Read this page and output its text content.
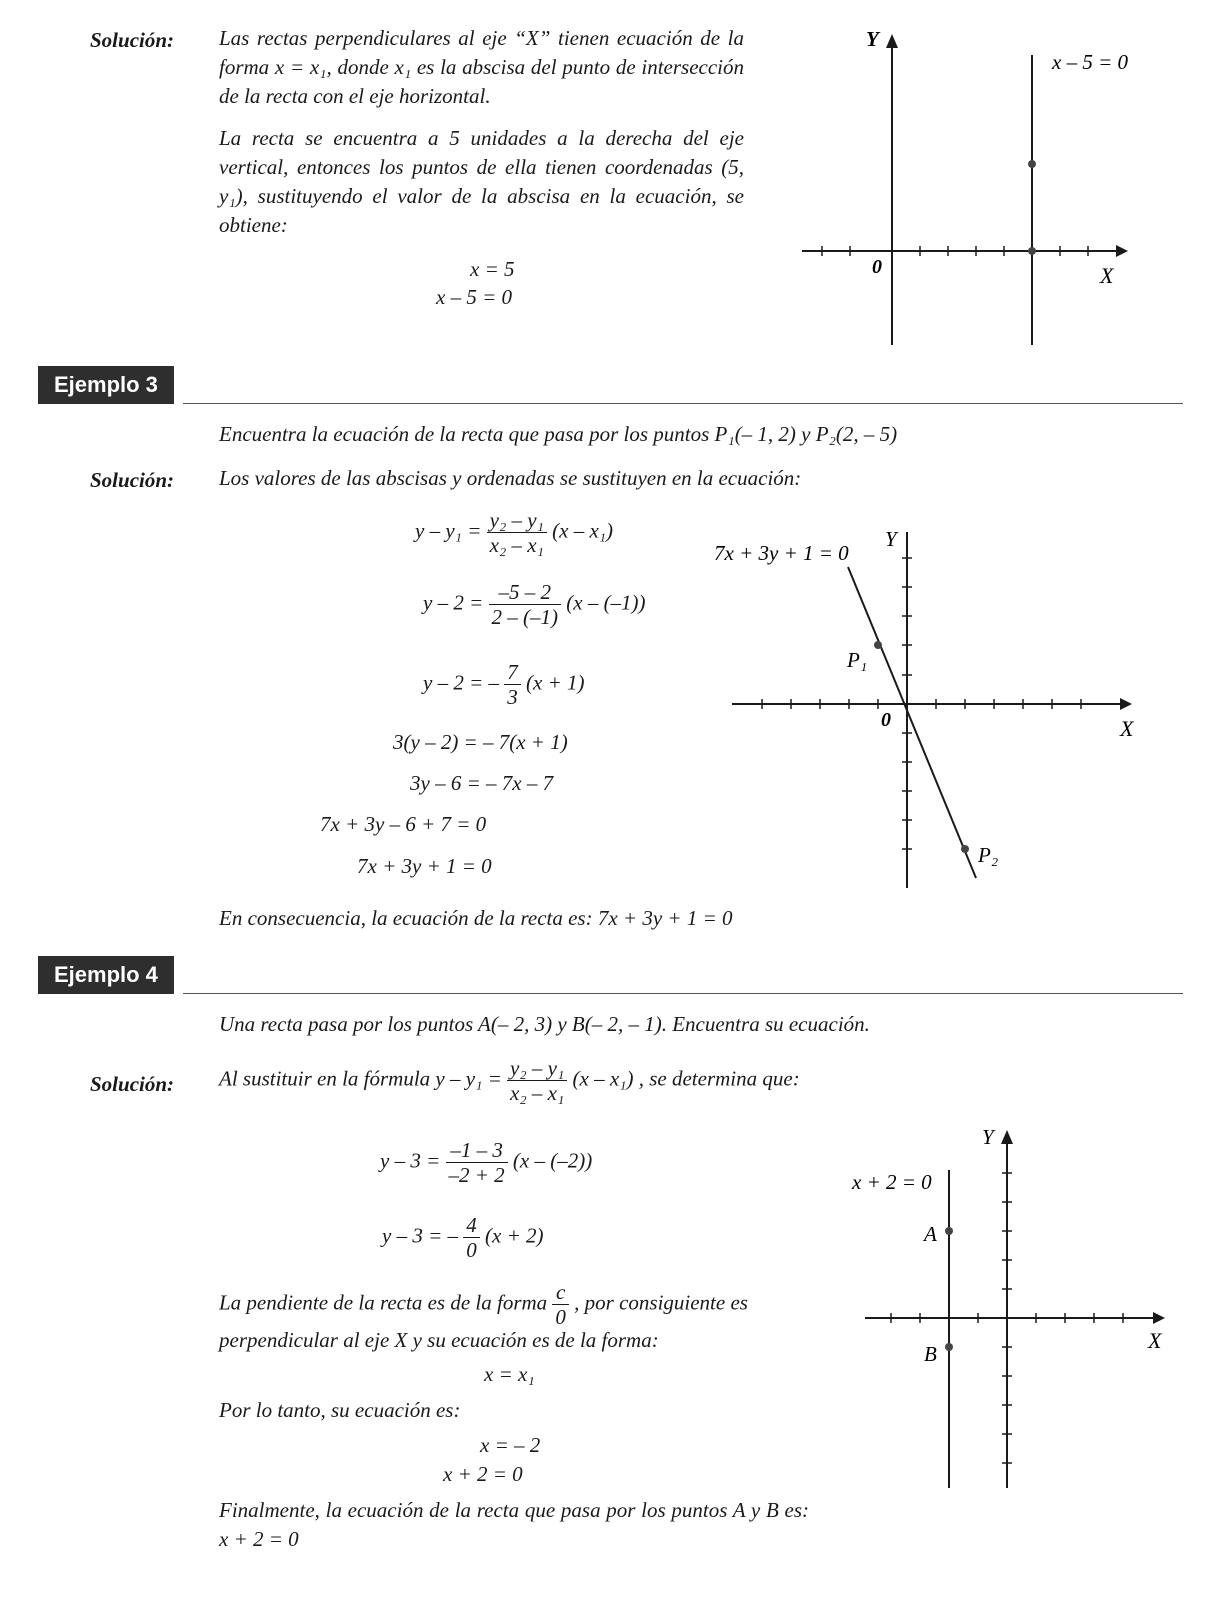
Solución: Las rectas perpendiculares al eje “X” tienen ecuación de la forma x = x₁, donde x₁ es la abscisa del punto de intersección de la recta con el eje horizontal.
La recta se encuentra a 5 unidades a la derecha del eje vertical, entonces los puntos de ella tienen coordenadas (5, y₁), sustituyendo el valor de la abscisa en la ecuación, se obtiene:
x = 5
x – 5 = 0
Y
X
0
x – 5 = 0
Ejemplo 3
Encuentra la ecuación de la recta que pasa por los puntos P₁(– 1, 2) y P₂(2, – 5)
Solución: Los valores de las abscisas y ordenadas se sustituyen en la ecuación:
$y - y_1 = \frac{\text{y₂ – y₁}}{\text{x₂ – x₁}} (x - x_1)$
$y - 2 = \frac{-5 - 2}{2 - (-1)} (x - (-1))$
y – 2 = – $\frac{7}{3} (x + 1)$
3(y – 2) = – 7(x + 1)
3y – 6 = – 7x – 7
7x + 3y – 6 + 7 = 0
7x + 3y + 1 = 0
En consecuencia, la ecuación de la recta es: 7x + 3y + 1 = 0
Y
X
0
7x + 3y + 1 = 0
P₁
P₂
Ejemplo 4
Una recta pasa por los puntos A(– 2, 3) y B(– 2, – 1). Encuentra su ecuación.
Solución: Al sustituir en la fórmula $y - y_1 = \frac{\text{y₂ – y₁}}{\text{x₂ – x₁}} (x - x_1)$ , se determina que:
$y - 3 = \frac{-1 - 3}{-2 + 2} (x - (-2))$
y – 3 = – $\frac{4}{0} (x + 2)$
La pendiente de la recta es de la forma $\frac{c}{0}$ , por consiguiente es
perpendicular al eje X y su ecuación es de la forma:
x = x₁
Por lo tanto, su ecuación es:
x = – 2
x + 2 = 0
Finalmente, la ecuación de la recta que pasa por los puntos A y B es: x + 2 = 0
Y
X
x + 2 = 0
A
B
